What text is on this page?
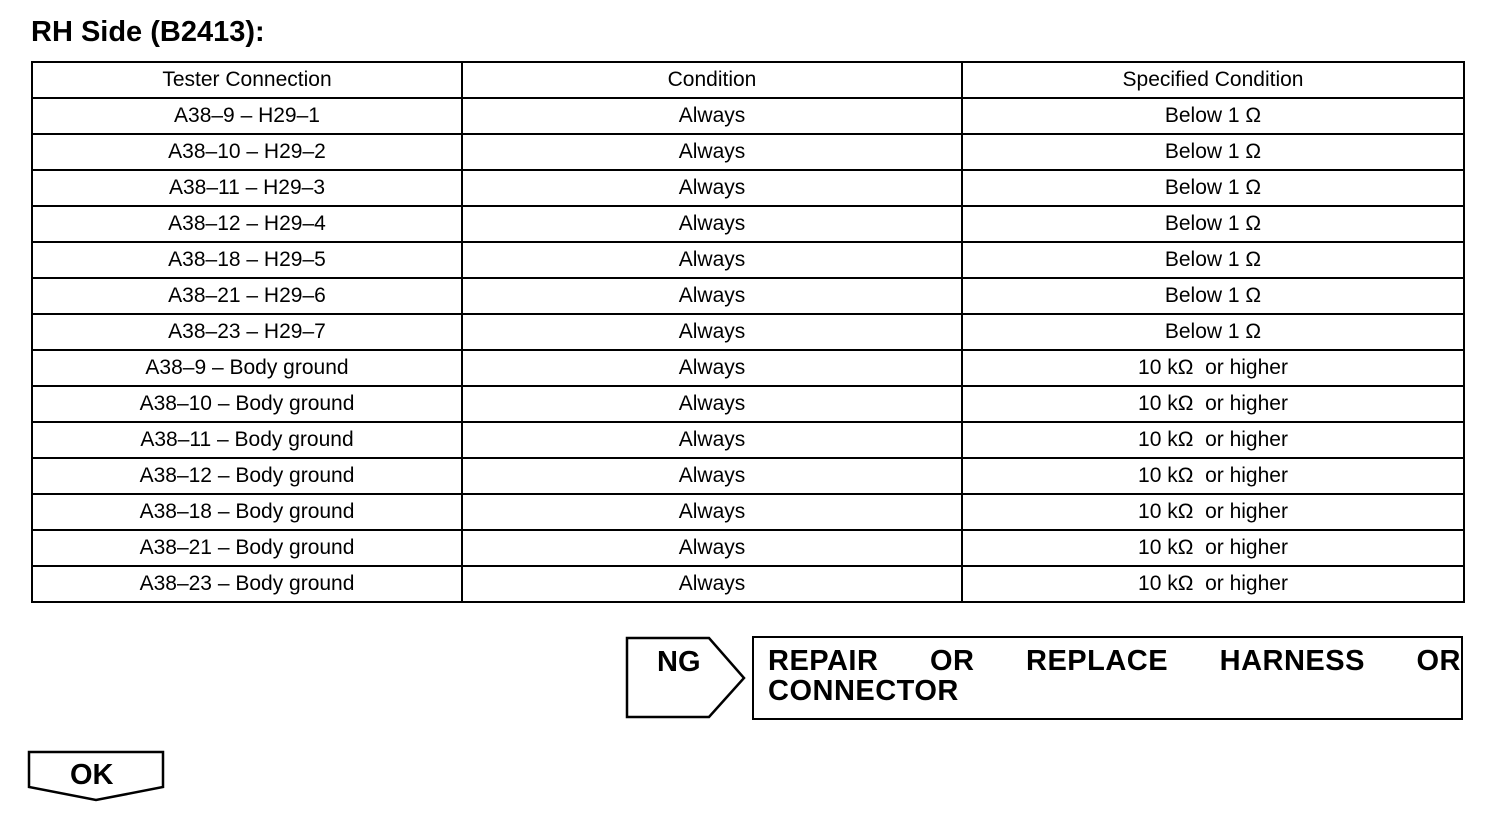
RH Side (B2413):
Tester Connection	Condition	Specified Condition
A38–9 – H29–1	Always	Below 1 Ω
A38–10 – H29–2	Always	Below 1 Ω
A38–11 – H29–3	Always	Below 1 Ω
A38–12 – H29–4	Always	Below 1 Ω
A38–18 – H29–5	Always	Below 1 Ω
A38–21 – H29–6	Always	Below 1 Ω
A38–23 – H29–7	Always	Below 1 Ω
A38–9 – Body ground	Always	10 kΩ  or higher
A38–10 – Body ground	Always	10 kΩ  or higher
A38–11 – Body ground	Always	10 kΩ  or higher
A38–12 – Body ground	Always	10 kΩ  or higher
A38–18 – Body ground	Always	10 kΩ  or higher
A38–21 – Body ground	Always	10 kΩ  or higher
A38–23 – Body ground	Always	10 kΩ  or higher
NG REPAIR OR REPLACE HARNESS OR CONNECTOR
OK
